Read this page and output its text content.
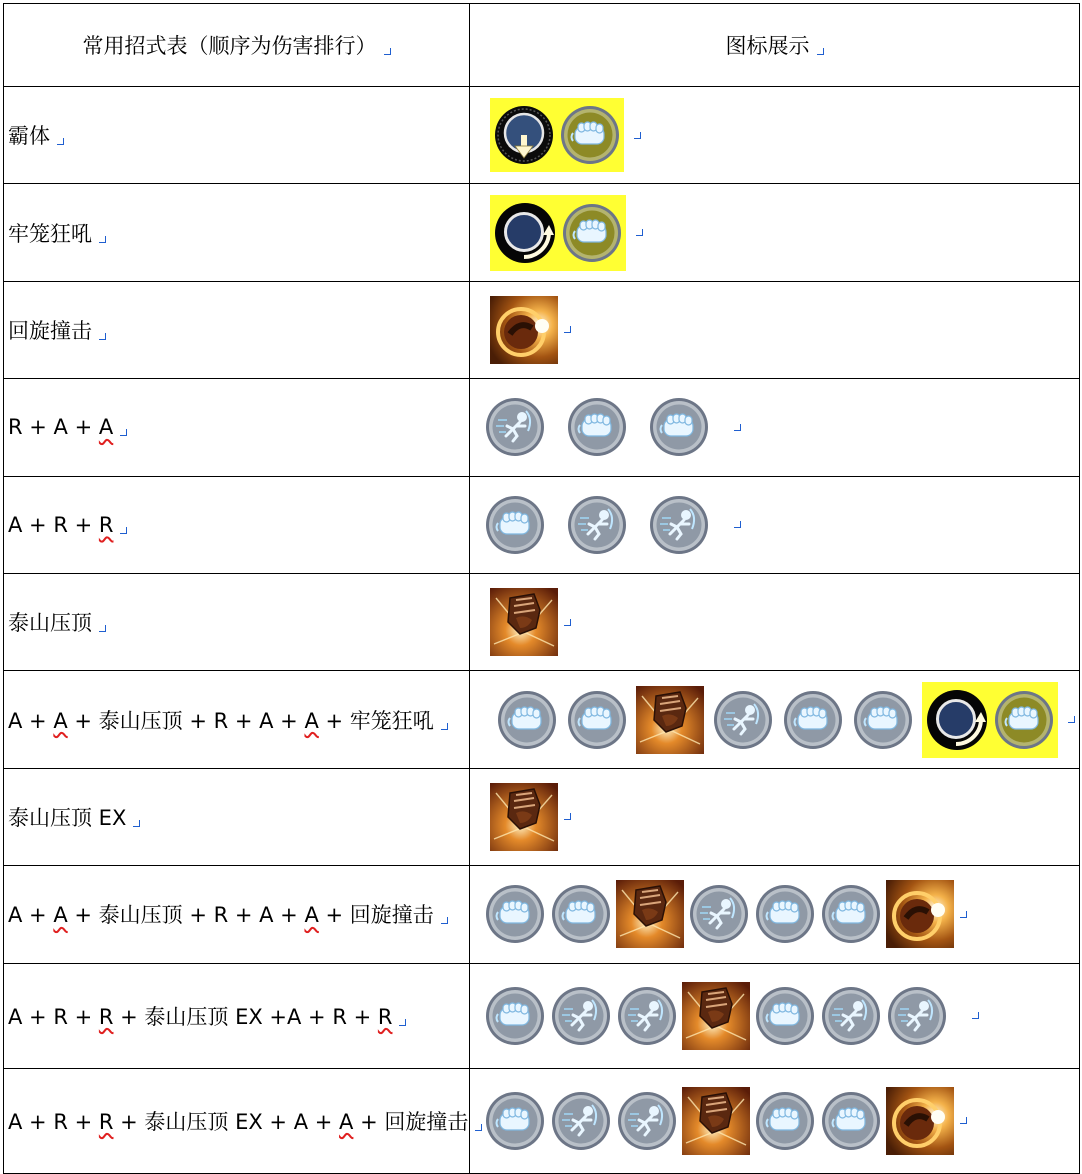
常用招式表（顺序为伤害排行）	图标展示
霸体	

牢笼狂吼	

回旋撞击	

R + A + A	

A + R + R	

泰山压顶	

A + A + 泰山压顶 + R + A + A + 牢笼狂吼	

泰山压顶 EX	

A + A + 泰山压顶 + R + A + A + 回旋撞击	

A + R + R + 泰山压顶 EX +A + R + R	

A + R + R + 泰山压顶 EX + A + A + 回旋撞击	
